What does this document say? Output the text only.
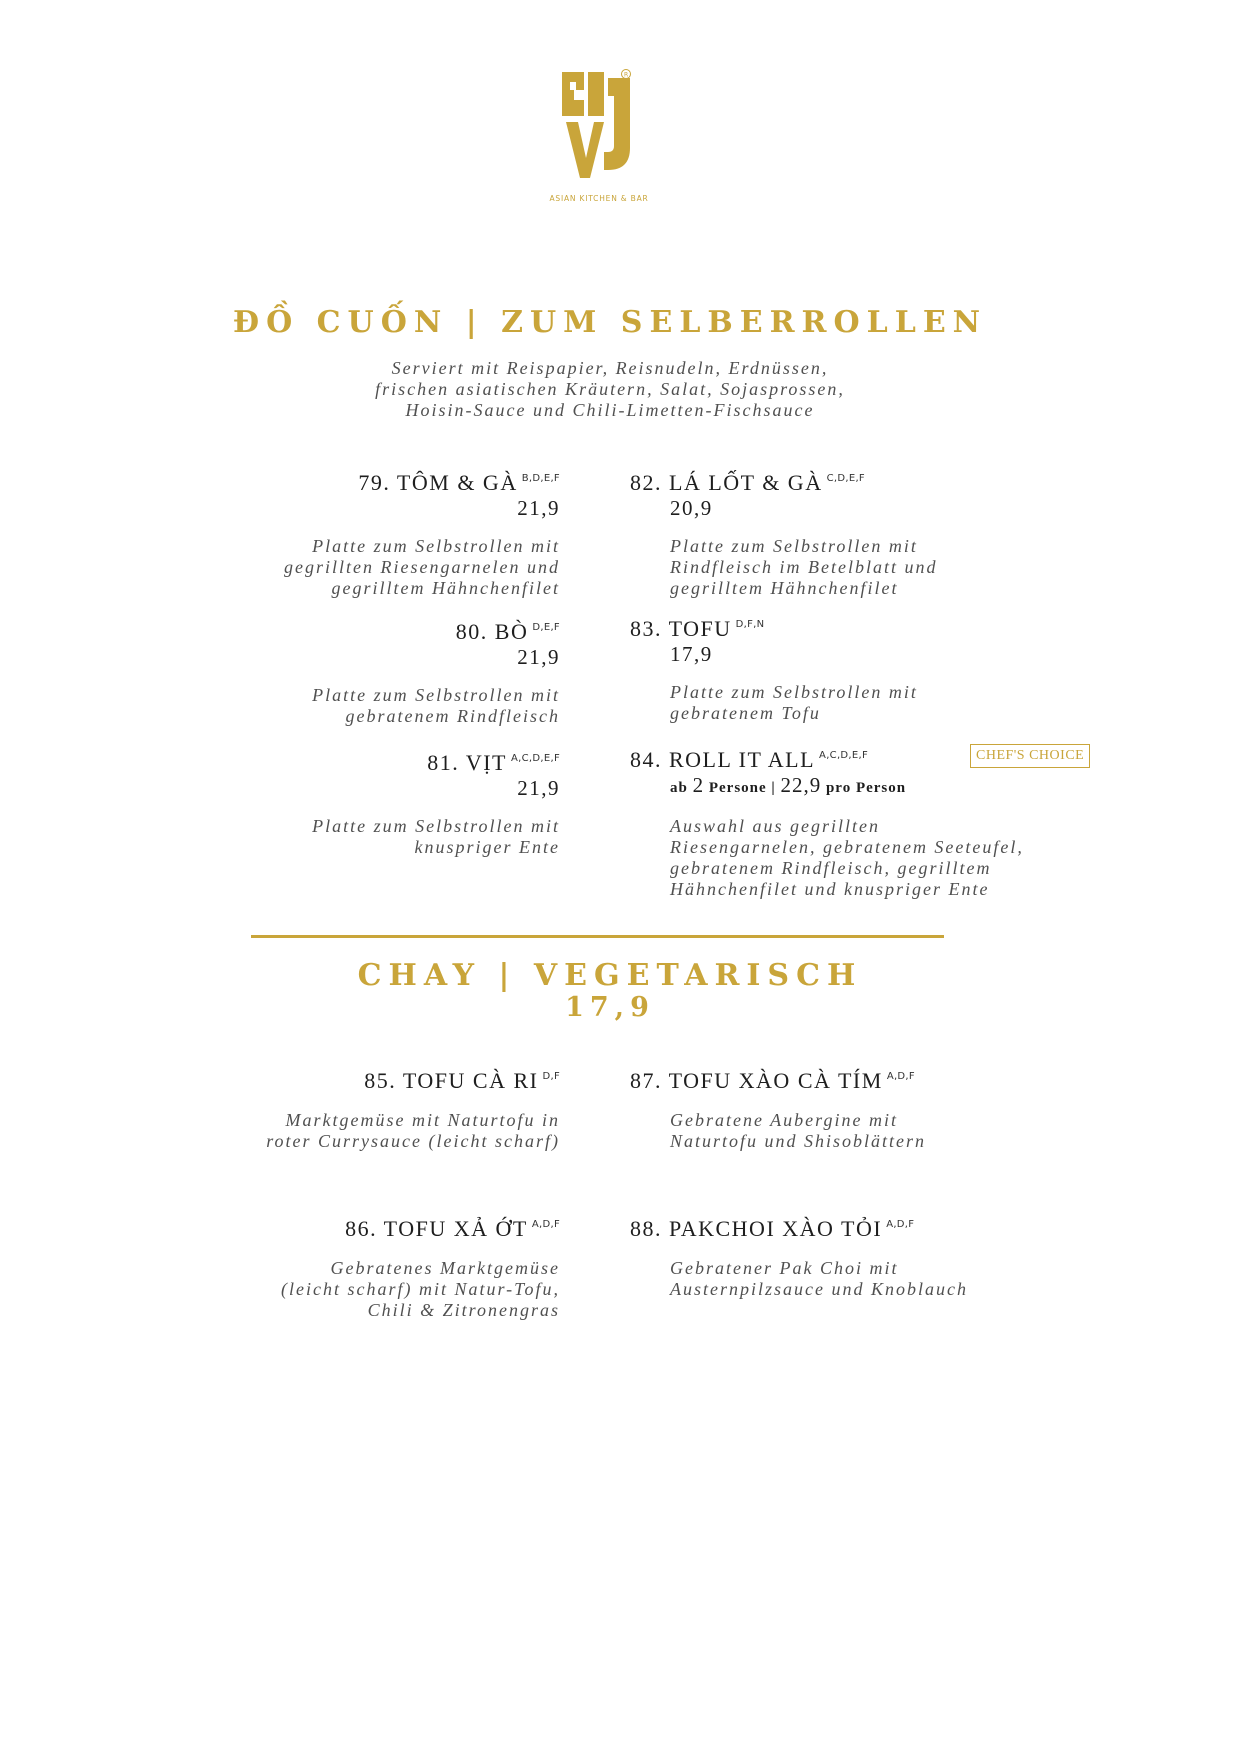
R
ASIAN KITCHEN & BAR
ĐỒ CUỐN | ZUM SELBERROLLEN
Serviert mit Reispapier, Reisnudeln, Erdnüssen,
frischen asiatischen Kräutern, Salat, Sojasprossen,
Hoisin-Sauce und Chili-Limetten-Fischsauce
79. TÔM & GÀ $^{B,D,E,F}$
21,9
Platte zum Selbstrollen mit
gegrillten Riesengarnelen und
gegrilltem Hähnchenfilet
80. BÒ $^{D,E,F}$
21,9
Platte zum Selbstrollen mit
gebratenem Rindfleisch
81. VỊT $^{A,C,D,E,F}$
21,9
Platte zum Selbstrollen mit
knuspriger Ente
82. LÁ LỐT & GÀ $^{C,D,E,F}$
20,9
Platte zum Selbstrollen mit
Rindfleisch im Betelblatt und
gegrilltem Hähnchenfilet
83. TOFU $^{D,F,N}$
17,9
Platte zum Selbstrollen mit
gebratenem Tofu
84. ROLL IT ALL $^{A,C,D,E,F}$
ab 2 Persone | 22,9 pro Person
Auswahl aus gegrillten
Riesengarnelen, gebratenem Seeteufel,
gebratenem Rindfleisch, gegrilltem
Hähnchenfilet und knuspriger Ente
CHEF'S CHOICE
CHAY | VEGETARISCH
17,9
85. TOFU CÀ RI $^{D,F}$
Marktgemüse mit Naturtofu in
roter Currysauce (leicht scharf)
86. TOFU XẢ ỚT $^{A,D,F}$
Gebratenes Marktgemüse
(leicht scharf) mit Natur-Tofu,
Chili & Zitronengras
87. TOFU XÀO CÀ TÍM $^{A,D,F}$
Gebratene Aubergine mit
Naturtofu und Shisoblättern
88. PAKCHOI XÀO TỎI $^{A,D,F}$
Gebratener Pak Choi mit
Austernpilzsauce und Knoblauch
